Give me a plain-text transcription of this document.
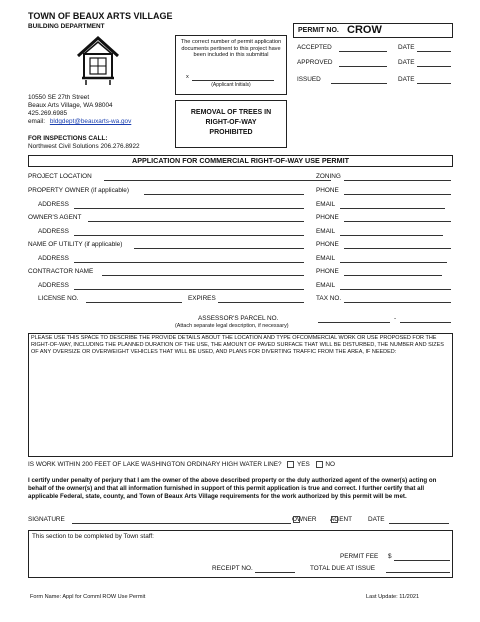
TOWN OF BEAUX ARTS VILLAGE
BUILDING DEPARTMENT
10550 SE 27th Street
Beaux Arts Village, WA 98004
425.269.6985
email: bldgdept@beauxarts-wa.gov
FOR INSPECTIONS CALL:
Northwest Civil Solutions 206.276.8922
The correct number of permit application documents pertinent to this project have been included in this submittal
x
(Applicant Initials)
REMOVAL OF TREES IN RIGHT-OF-WAY PROHIBITED
PERMIT NO. CROW
ACCEPTED	DATE
APPROVED	DATE
ISSUED	DATE
APPLICATION FOR COMMERCIAL RIGHT-OF-WAY USE PERMIT
PROJECT LOCATION	ZONING
PROPERTY OWNER (if applicable)	PHONE
ADDRESS	EMAIL
OWNER'S AGENT	PHONE
ADDRESS	EMAIL
NAME OF UTILITY (if applicable)	PHONE
ADDRESS	EMAIL
CONTRACTOR NAME	PHONE
ADDRESS	EMAIL
LICENSE NO.	EXPIRES	TAX NO.
ASSESSOR'S PARCEL NO.	-
(Attach separate legal description, if necessary)
PLEASE USE THIS SPACE TO DESCRIBE THE PROVIDE DETAILS ABOUT THE LOCATION AND TYPE OFCOMMERCIAL WORK OR USE PROPOSED FOR THE RIGHT-OF-WAY, INCLUDING THE PLANNED DURATION OF THE USE, THE AMOUNT OF PAVED SURFACE THAT WILL BE DISTURBED, THE NUMBER AND SIZES OF ANY OVERSIZE OR OVERWEIGHT VEHICLES THAT WILL BE USED, AND PLANS FOR DIVERTING TRAFFIC FROM THE AREA, IF NEEDED:
IS WORK WITHIN 200 FEET OF LAKE WASHINGTON ORDINARY HIGH WATER LINE? YES NO
I certify under penalty of perjury that I am the owner of the above described property or the duly authorized agent of the owner(s) acting on behalf of the owner(s) and that all information furnished in support of this permit application is true and correct. I further certify that all applicable Federal, state, county, and Town of Beaux Arts Village requirements for the work authorized by this permit will be met.
SIGNATURE	OWNER AGENT DATE
This section to be completed by Town staff:
PERMIT FEE $
RECEIPT NO.	TOTAL DUE AT ISSUE
Form Name: Appl for Comml ROW Use Permit	Last Update: 11/2021
